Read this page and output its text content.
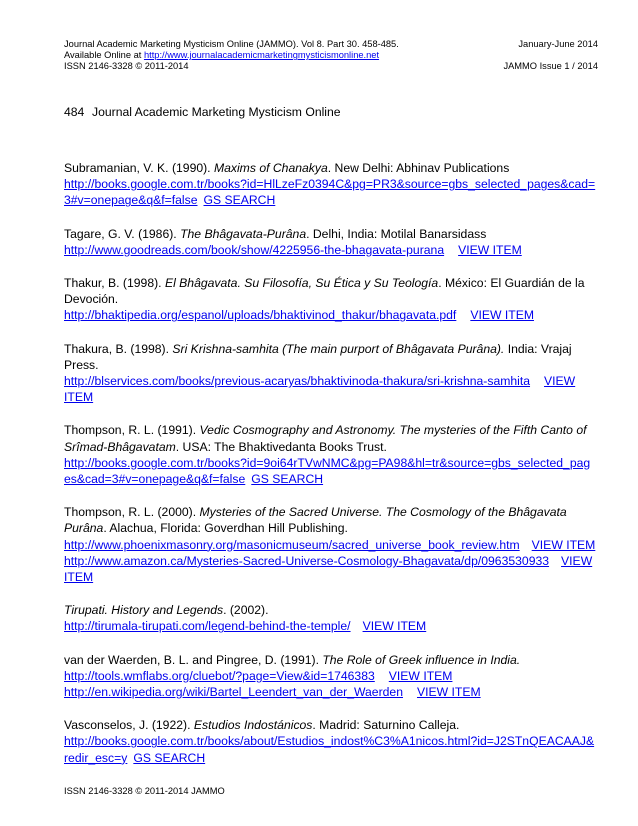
Journal Academic Marketing Mysticism Online (JAMMO). Vol 8. Part 30. 458-485.	January-June 2014
Available Online at http://www.journalacademicmarketingmysticismonline.net
ISSN 2146-3328 © 2011-2014	JAMMO Issue 1 / 2014
484 Journal Academic Marketing Mysticism Online
Subramanian, V. K. (1990). Maxims of Chanakya. New Delhi: Abhinav Publications
http://books.google.com.tr/books?id=HlLzeFz0394C&pg=PR3&source=gbs_selected_pages&cad=
3#v=onepage&q&f=false GS SEARCH
Tagare, G. V. (1986). The Bhâgavata-Purâna. Delhi, India: Motilal Banarsidass
http://www.goodreads.com/book/show/4225956-the-bhagavata-purana VIEW ITEM
Thakur, B. (1998). El Bhâgavata. Su Filosofía, Su Ética y Su Teología. México: El Guardián de la
Devoción.
http://bhaktipedia.org/espanol/uploads/bhaktivinod_thakur/bhagavata.pdf VIEW ITEM
Thakura, B. (1998). Sri Krishna-samhita (The main purport of Bhâgavata Purâna). India: Vrajaj
Press.
http://blservices.com/books/previous-acaryas/bhaktivinoda-thakura/sri-krishna-samhita VIEW
ITEM
Thompson, R. L. (1991). Vedic Cosmography and Astronomy. The mysteries of the Fifth Canto of
Srîmad-Bhâgavatam. USA: The Bhaktivedanta Books Trust.
http://books.google.com.tr/books?id=9oi64rTVwNMC&pg=PA98&hl=tr&source=gbs_selected_pag
es&cad=3#v=onepage&q&f=false GS SEARCH
Thompson, R. L. (2000). Mysteries of the Sacred Universe. The Cosmology of the Bhâgavata
Purâna. Alachua, Florida: Goverdhan Hill Publishing.
http://www.phoenixmasonry.org/masonicmuseum/sacred_universe_book_review.htm VIEW ITEM
http://www.amazon.ca/Mysteries-Sacred-Universe-Cosmology-Bhagavata/dp/0963530933 VIEW
ITEM
Tirupati. History and Legends. (2002).
http://tirumala-tirupati.com/legend-behind-the-temple/ VIEW ITEM
van der Waerden, B. L. and Pingree, D. (1991). The Role of Greek influence in India.
http://tools.wmflabs.org/cluebot/?page=View&id=1746383 VIEW ITEM
http://en.wikipedia.org/wiki/Bartel_Leendert_van_der_Waerden VIEW ITEM
Vasconselos, J. (1922). Estudios Indostánicos. Madrid: Saturnino Calleja.
http://books.google.com.tr/books/about/Estudios_indost%C3%A1nicos.html?id=J2STnQEACAAJ&
redir_esc=y GS SEARCH
ISSN 2146-3328 © 2011-2014 JAMMO
